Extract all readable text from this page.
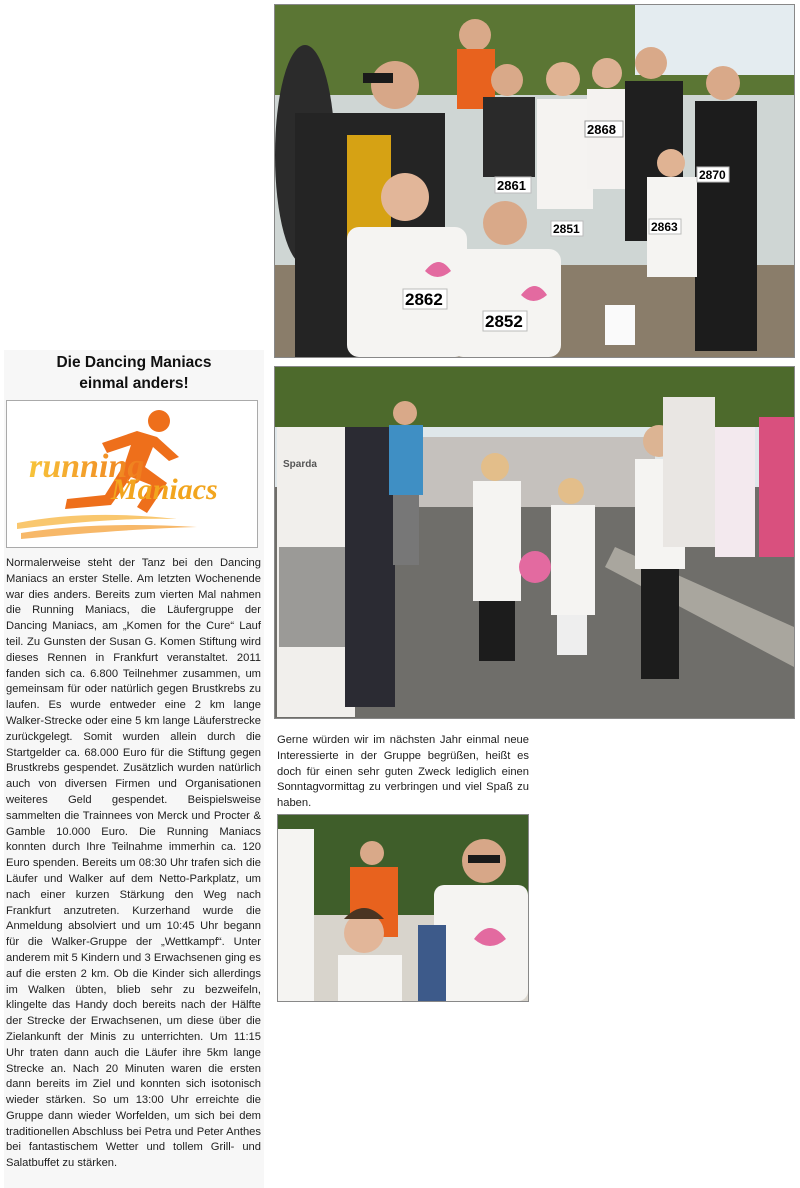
Die Dancing Maniacs
einmal anders!
running
Maniacs
Normalerweise steht der Tanz bei den Dancing Maniacs an erster Stelle. Am letzten Wochenende war dies anders. Bereits zum vierten Mal nahmen die Running Maniacs, die Läufergruppe der Dancing Maniacs, am „Komen for the Cure“ Lauf teil. Zu Gunsten der Susan G. Komen Stiftung wird dieses Rennen in Frankfurt veranstaltet. 2011 fanden sich ca. 6.800 Teilnehmer zusammen, um gemeinsam für oder natürlich gegen Brustkrebs zu laufen. Es wurde entweder eine 2 km lange Walker-Strecke oder eine 5 km lange Läuferstrecke zurückgelegt. Somit wurden allein durch die Startgelder ca. 68.000 Euro für die Stiftung gegen Brustkrebs gespendet. Zusätzlich wurden natürlich auch von diversen Firmen und Organisationen weiteres Geld gespendet. Beispielsweise sammelten die Trainnees von Merck und Procter & Gamble 10.000 Euro. Die Running Maniacs konnten durch Ihre Teilnahme immerhin ca. 120 Euro spenden. Bereits um 08:30 Uhr trafen sich die Läufer und Walker auf dem Netto-Parkplatz, um nach einer kurzen Stärkung den Weg nach Frankfurt anzutreten. Kurzerhand wurde die Anmeldung absolviert und um 10:45 Uhr begann für die Walker-Gruppe der „Wettkampf“. Unter anderem mit 5 Kindern und 3 Erwachsenen ging es auf die ersten 2 km. Ob die Kinder sich allerdings im Walken übten, blieb sehr zu bezweifeln, klingelte das Handy doch bereits nach der Hälfte der Strecke der Erwachsenen, um diese über die Zielankunft der Minis zu unterrichten. Um 11:15 Uhr traten dann auch die Läufer ihre 5km lange Strecke an. Nach 20 Minuten waren die ersten dann bereits im Ziel und konnten sich isotonisch wieder stärken. So um 13:00 Uhr erreichte die Gruppe dann wieder Worfelden, um sich bei dem traditionellen Abschluss bei Petra und Peter Anthes bei fantastischem Wetter und tollem Grill- und Salatbuffet zu stärken.
2868
2861
2851
2862
2852
2863
2870
Sparda
Gerne würden wir im nächsten Jahr einmal neue Interessierte in der Gruppe begrüßen, heißt es doch für einen sehr guten Zweck lediglich einen Sonntagvormittag zu verbringen und viel Spaß zu haben.
